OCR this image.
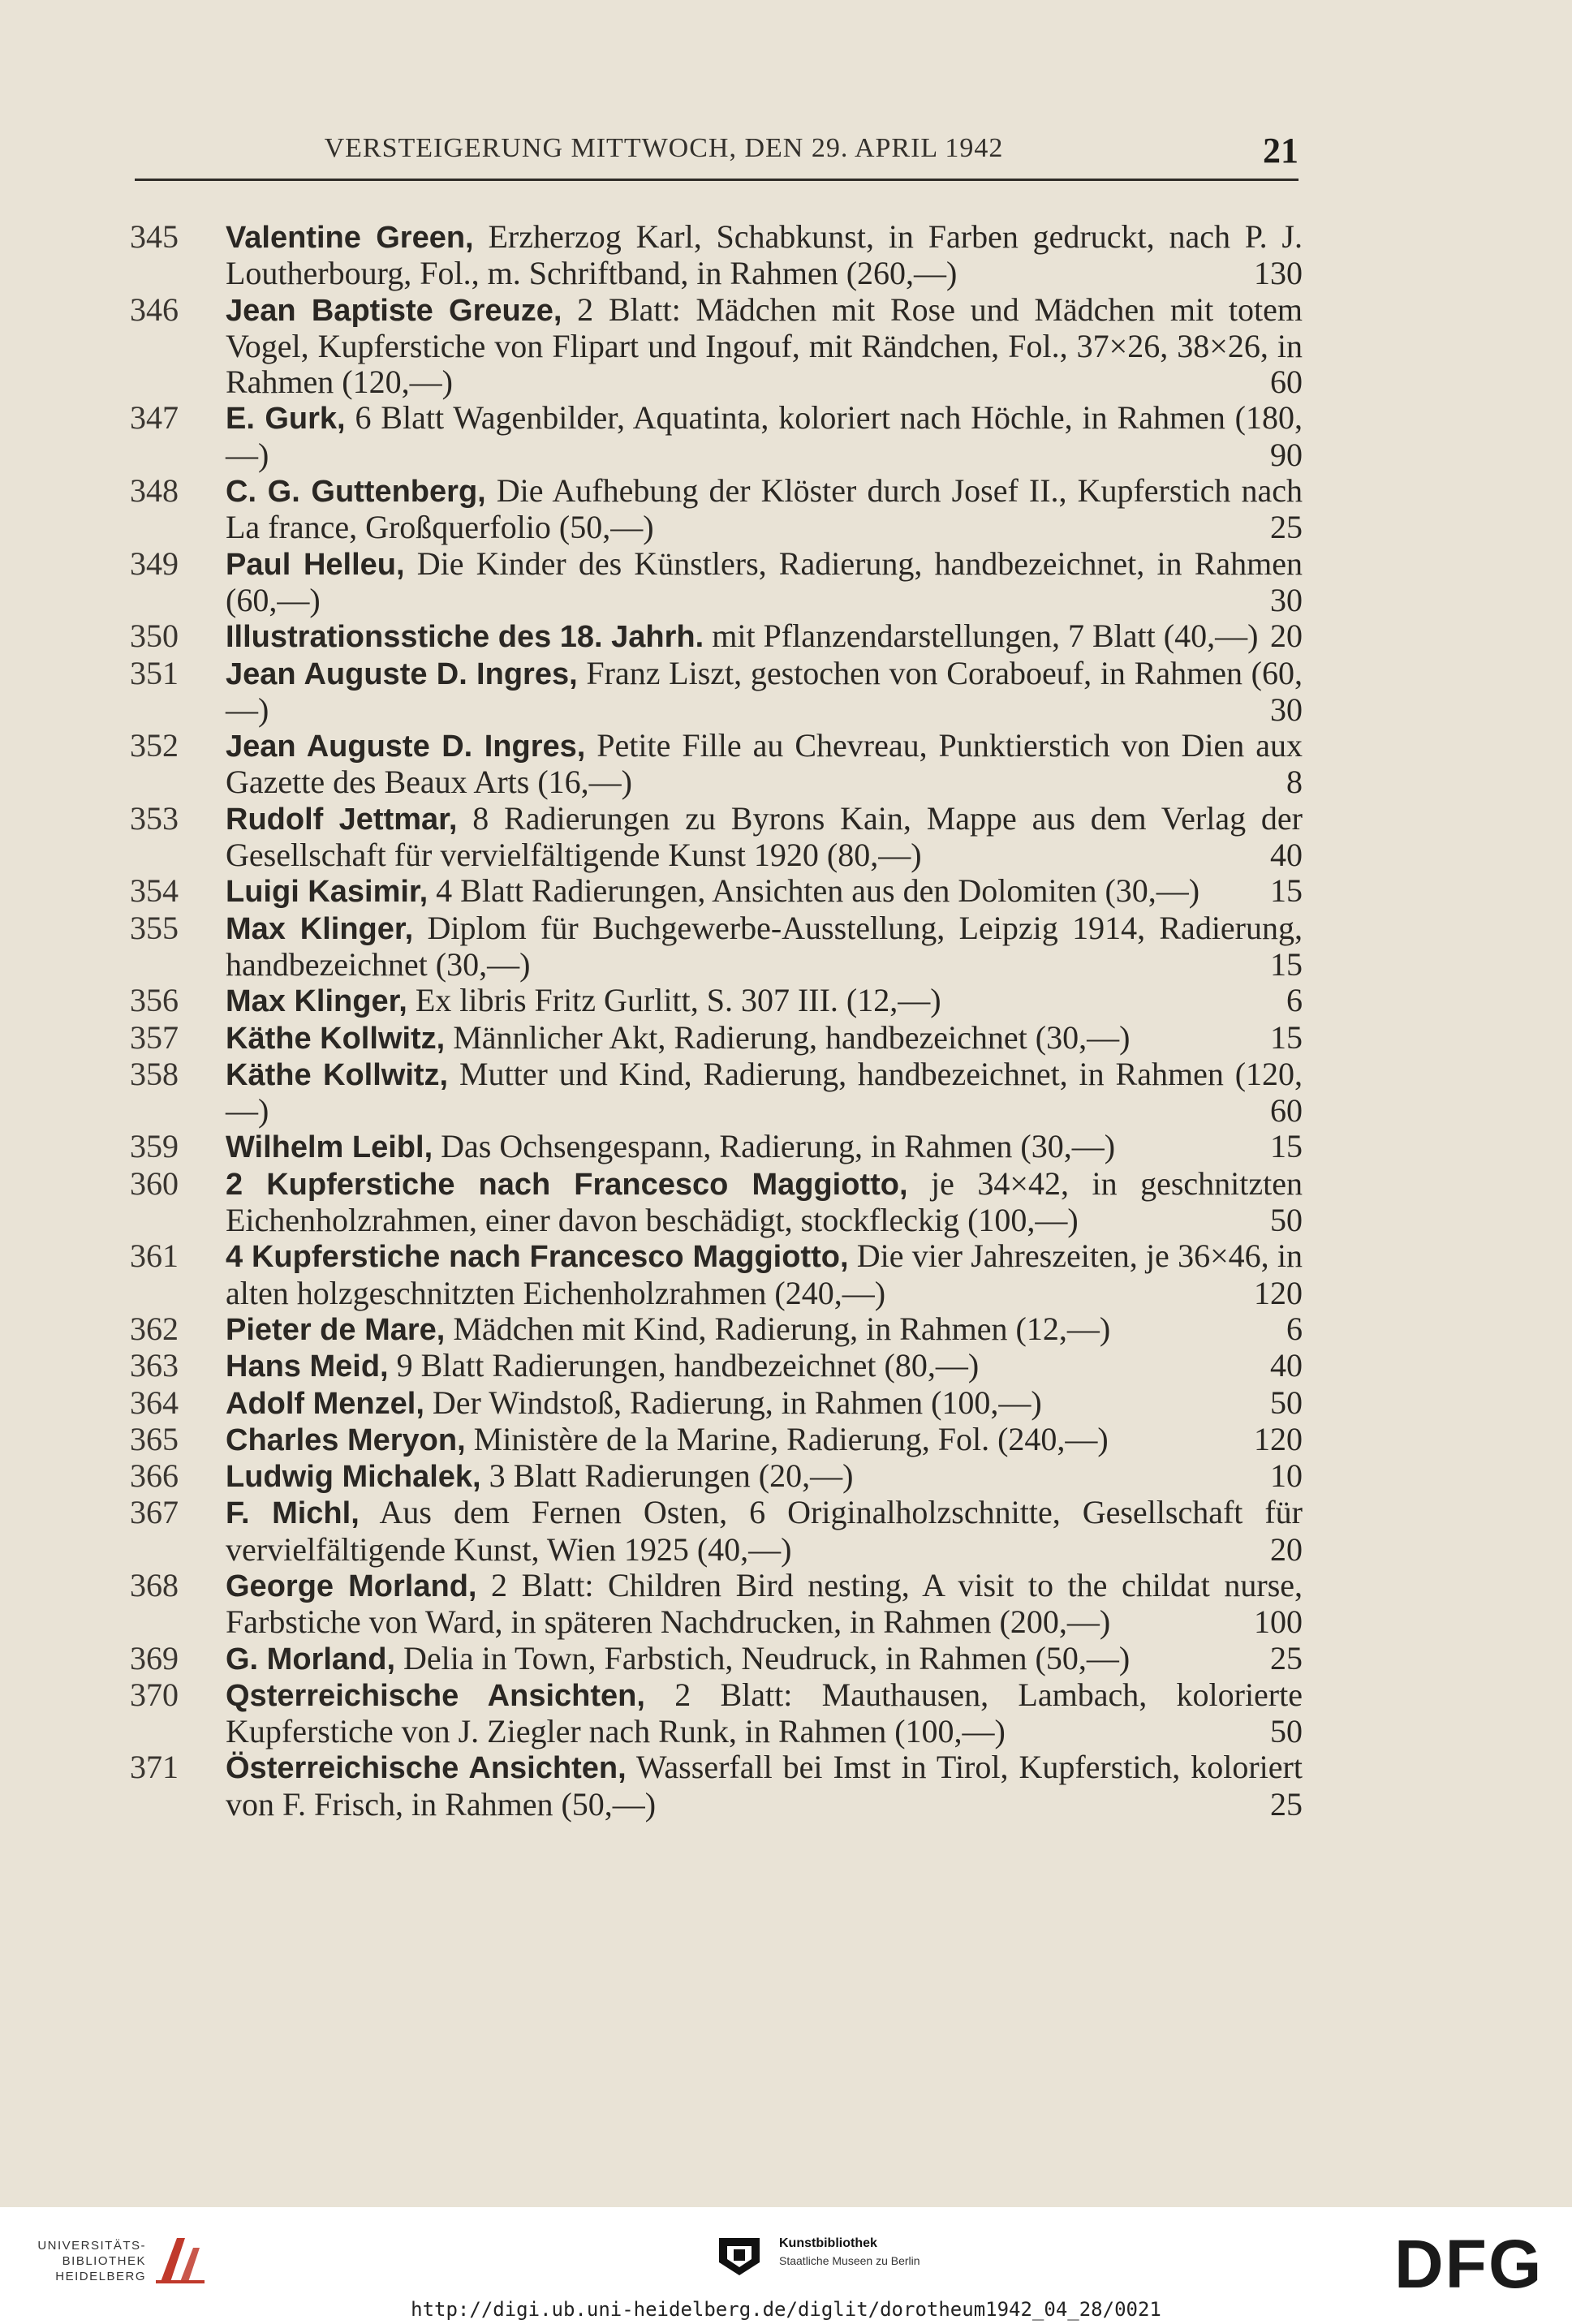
VERSTEIGERUNG MITTWOCH, DEN 29. APRIL 1942	21
345	Valentine Green, Erzherzog Karl, Schabkunst, in Farben gedruckt, nach P. J. Loutherbourg, Fol., m. Schriftband, in Rahmen (260,—)	130
346	Jean Baptiste Greuze, 2 Blatt: Mädchen mit Rose und Mädchen mit totem Vogel, Kupferstiche von Flipart und Ingouf, mit Rändchen, Fol., 37×26, 38×26, in Rahmen (120,—)	60
347	E. Gurk, 6 Blatt Wagenbilder, Aquatinta, koloriert nach Höchle, in Rahmen (180,—)	90
348	C. G. Guttenberg, Die Aufhebung der Klöster durch Josef II., Kupferstich nach La france, Großquerfolio (50,—)	25
349	Paul Helleu, Die Kinder des Künstlers, Radierung, handbezeichnet, in Rahmen (60,—)	30
350	Illustrationsstiche des 18. Jahrh. mit Pflanzendarstellungen, 7 Blatt (40,—) 20
351	Jean Auguste D. Ingres, Franz Liszt, gestochen von Coraboeuf, in Rahmen (60,—)	30
352	Jean Auguste D. Ingres, Petite Fille au Chevreau, Punktierstich von Dien aux Gazette des Beaux Arts (16,—)	8
353	Rudolf Jettmar, 8 Radierungen zu Byrons Kain, Mappe aus dem Verlag der Gesellschaft für vervielfältigende Kunst 1920 (80,—)	40
354	Luigi Kasimir, 4 Blatt Radierungen, Ansichten aus den Dolomiten (30,—)	15
355	Max Klinger, Diplom für Buchgewerbe-Ausstellung, Leipzig 1914, Radierung, handbezeichnet (30,—)	15
356	Max Klinger, Ex libris Fritz Gurlitt, S. 307 III. (12,—)	6
357	Käthe Kollwitz, Männlicher Akt, Radierung, handbezeichnet (30,—)	15
358	Käthe Kollwitz, Mutter und Kind, Radierung, handbezeichnet, in Rahmen (120,—)	60
359	Wilhelm Leibl, Das Ochsengespann, Radierung, in Rahmen (30,—)	15
360	2 Kupferstiche nach Francesco Maggiotto, je 34×42, in geschnitzten Eichenholzrahmen, einer davon beschädigt, stockfleckig (100,—)	50
361	4 Kupferstiche nach Francesco Maggiotto, Die vier Jahreszeiten, je 36×46, in alten holzgeschnitzten Eichenholzrahmen (240,—)	120
362	Pieter de Mare, Mädchen mit Kind, Radierung, in Rahmen (12,—)	6
363	Hans Meid, 9 Blatt Radierungen, handbezeichnet (80,—)	40
364	Adolf Menzel, Der Windstoß, Radierung, in Rahmen (100,—)	50
365	Charles Meryon, Ministère de la Marine, Radierung, Fol. (240,—)	120
366	Ludwig Michalek, 3 Blatt Radierungen (20,—)	10
367	F. Michl, Aus dem Fernen Osten, 6 Originalholzschnitte, Gesellschaft für vervielfältigende Kunst, Wien 1925 (40,—)	20
368	George Morland, 2 Blatt: Children Bird nesting, A visit to the childat nurse, Farbstiche von Ward, in späteren Nachdrucken, in Rahmen (200,—)	100
369	G. Morland, Delia in Town, Farbstich, Neudruck, in Rahmen (50,—)	25
370	Qsterreichische Ansichten, 2 Blatt: Mauthausen, Lambach, kolorierte Kupferstiche von J. Ziegler nach Runk, in Rahmen (100,—)	50
371	Österreichische Ansichten, Wasserfall bei Imst in Tirol, Kupferstich, koloriert von F. Frisch, in Rahmen (50,—)	25
UNIVERSITÄTS-
BIBLIOTHEK
HEIDELBERG
Kunstbibliothek
Staatliche Museen zu Berlin	DFG
http://digi.ub.uni-heidelberg.de/diglit/dorotheum1942_04_28/0021
